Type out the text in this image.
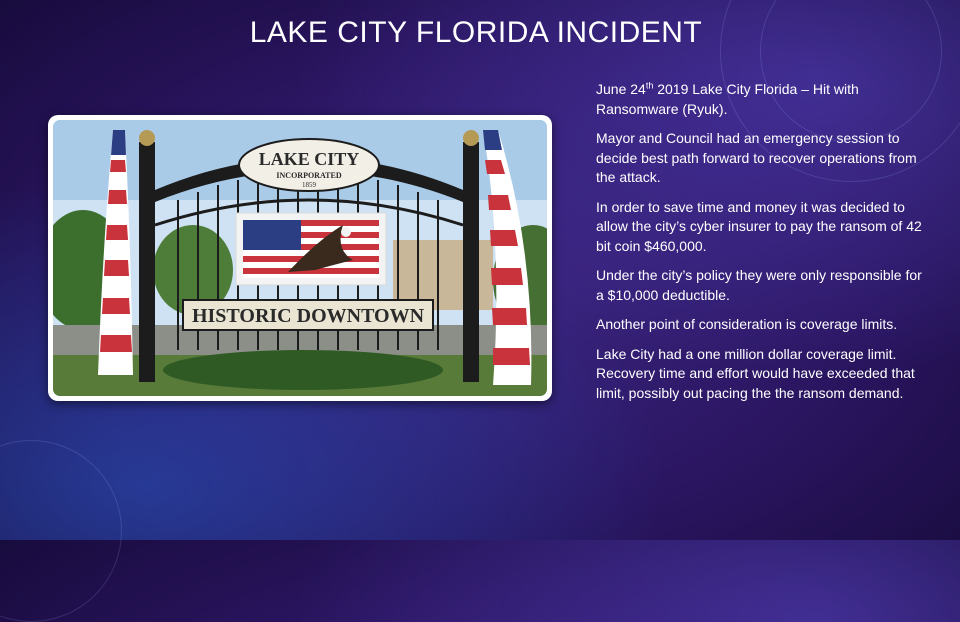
LAKE CITY FLORIDA INCIDENT
LAKE CITY
INCORPORATED
1859
HISTORIC DOWNTOWN

June 24th 2019 Lake City Florida – Hit with Ransomware (Ryuk).

Mayor and Council had an emergency session to decide best path forward to recover operations from the attack.

In order to save time and money it was decided to allow the city’s cyber insurer to pay the ransom of 42 bit coin $460,000.

Under the city’s policy they were only responsible for a $10,000 deductible.

Another point of consideration is coverage limits.

Lake City had a one million dollar coverage limit. Recovery time and effort would have exceeded that limit, possibly out pacing the the ransom demand.
